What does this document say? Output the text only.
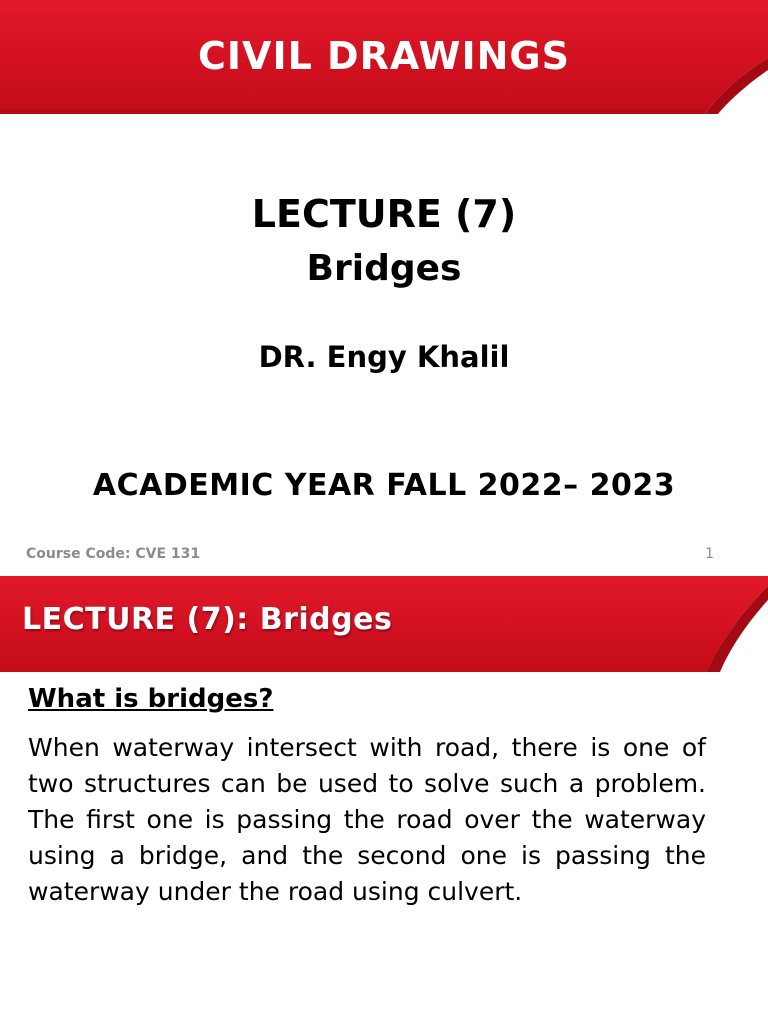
CIVIL DRAWINGS
LECTURE (7)
Bridges
DR. Engy Khalil
ACADEMIC YEAR FALL 2022– 2023
Course Code: CVE 131	1
LECTURE (7): Bridges
What is bridges?
When waterway intersect with road, there is one of two structures can be used to solve such a problem. The first one is passing the road over the waterway using a bridge, and the second one is passing the waterway under the road using culvert.
